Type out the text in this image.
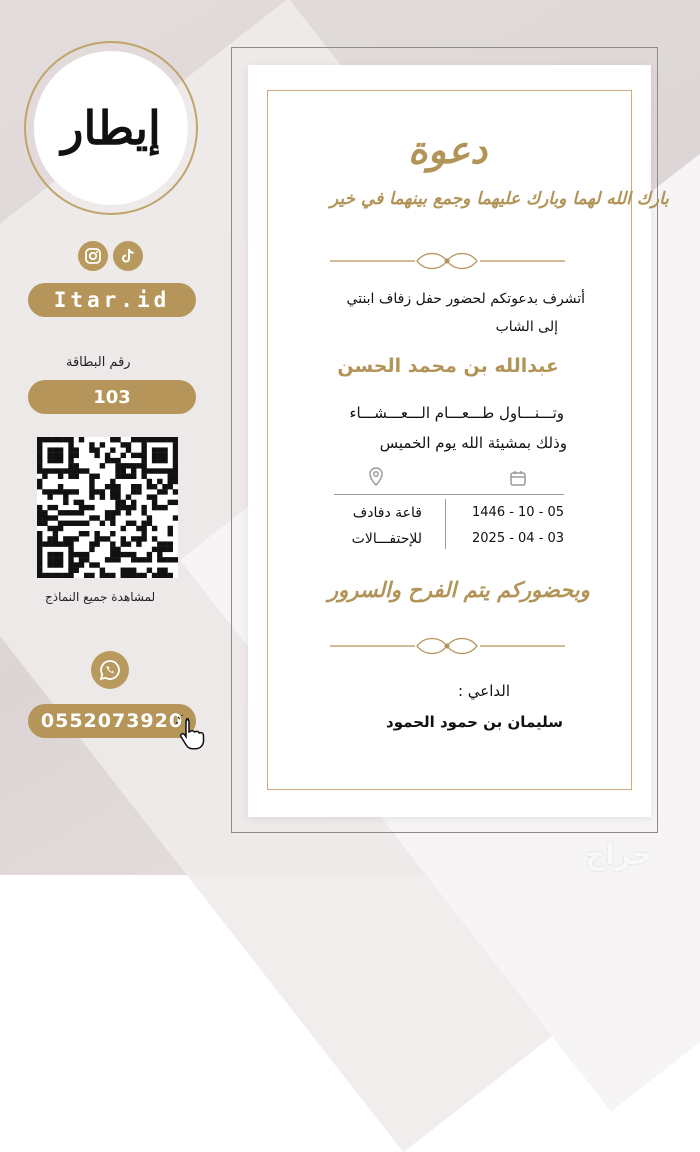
إيطار
Itar.id
رقم البطاقة
103
لمشاهدة جميع النماذج
0552073920
دعوة
بارك الله لهما وبارك عليهما وجمع بينهما في خير
أتشرف بدعوتكم لحضور حفل زفاف ابنتي
إلى الشاب
عبدالله بن محمد الحسن
وتـــنـــاول طـــعـــام الـــعـــشـــاء
وذلك بمشيئة الله يوم الخميس
قاعة دفادف
للإحتفـــالات
1446 - 10 - 05
2025 - 04 - 03
وبحضوركم يتم الفرح والسرور
الداعي :
سليمان بن حمود الحمود
حراج
